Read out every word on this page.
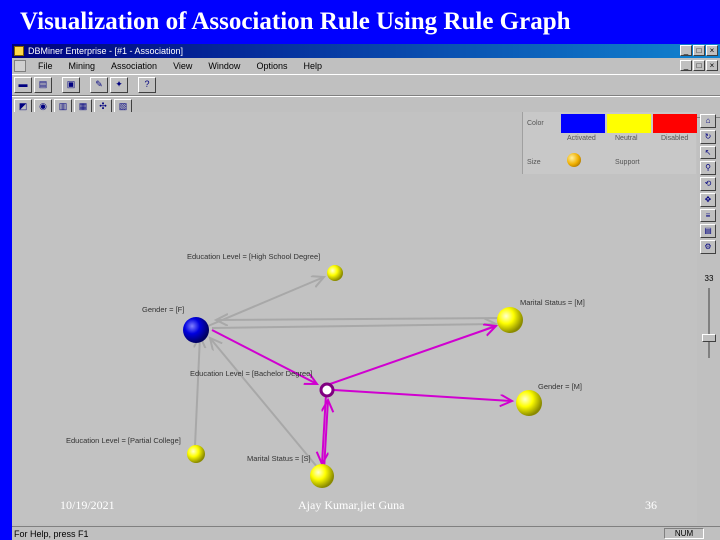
Visualization of Association Rule Using Rule Graph
DBMiner Enterprise - [#1 - Association]	_	□	×
File	Mining	Association	View	Window	Options	Help	_	□	×
▬	▤	▣	✎	✦	?
◩	◉	▥	▦	✣	▧
Education Level = [High School Degree]
Gender = [F]
Marital Status = [M]
Education Level = [Bachelor Degree]
Gender = [M]
Education Level = [Partial College]
Marital Status = [S]
Color
Activated	Neutral	Disabled
Size	Support
⌂
↻
↖
⚲
⟲
✥
≡
▤
⚙
33
For Help, press F1	NUM
10/19/2021	Ajay Kumar,jiet Guna	36
